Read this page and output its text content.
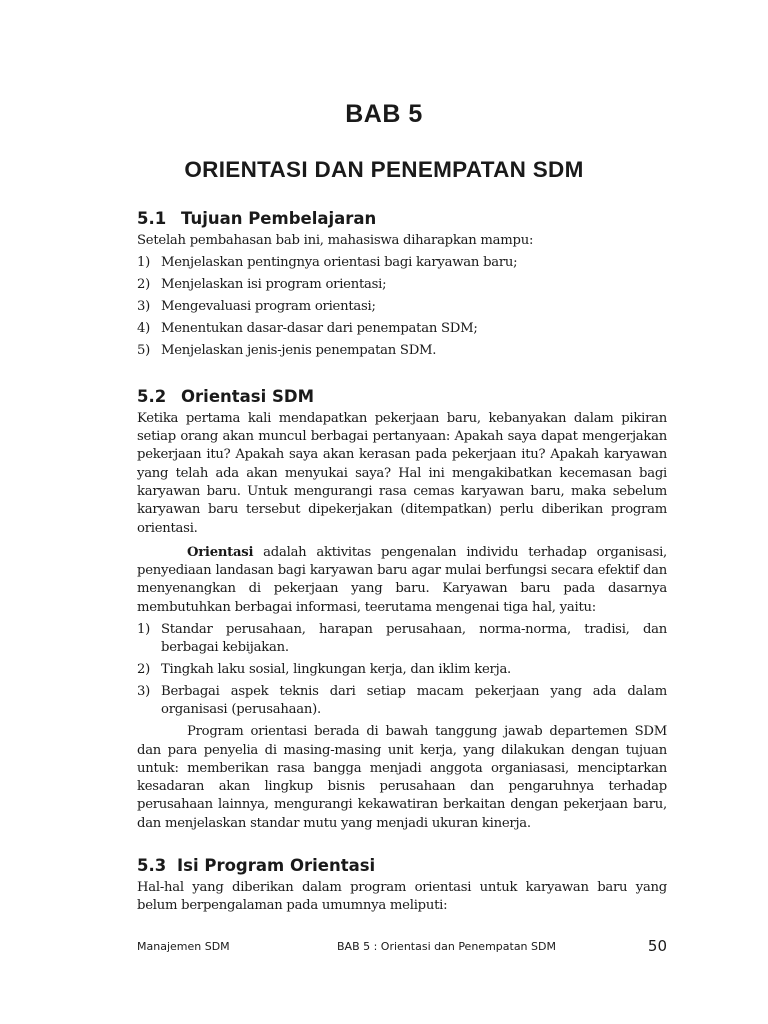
BAB 5
ORIENTASI DAN PENEMPATAN SDM
5.1 Tujuan Pembelajaran

Setelah pembahasan bab ini, mahasiswa diharapkan mampu:

1) Menjelaskan pentingnya orientasi bagi karyawan baru;
2) Menjelaskan isi program orientasi;
3) Mengevaluasi program orientasi;
4) Menentukan dasar-dasar dari penempatan SDM;
5) Menjelaskan jenis-jenis penempatan SDM.
5.2 Orientasi SDM

Ketika pertama kali mendapatkan pekerjaan baru, kebanyakan dalam pikiran setiap orang akan muncul berbagai pertanyaan: Apakah saya dapat mengerjakan pekerjaan itu? Apakah saya akan kerasan pada pekerjaan itu? Apakah karyawan yang telah ada akan menyukai saya? Hal ini mengakibatkan kecemasan bagi karyawan baru. Untuk mengurangi rasa cemas karyawan baru, maka sebelum karyawan baru tersebut dipekerjakan (ditempatkan) perlu diberikan program orientasi.

Orientasi adalah aktivitas pengenalan individu terhadap organisasi, penyediaan landasan bagi karyawan baru agar mulai berfungsi secara efektif dan menyenangkan di pekerjaan yang baru. Karyawan baru pada dasarnya membutuhkan berbagai informasi, teerutama mengenai tiga hal, yaitu:

1) Standar perusahaan, harapan perusahaan, norma-norma, tradisi, dan berbagai kebijakan.
2) Tingkah laku sosial, lingkungan kerja, dan iklim kerja.
3) Berbagai aspek teknis dari setiap macam pekerjaan yang ada dalam organisasi (perusahaan).

Program orientasi berada di bawah tanggung jawab departemen SDM dan para penyelia di masing-masing unit kerja, yang dilakukan dengan tujuan untuk: memberikan rasa bangga menjadi anggota organiasasi, menciptarkan kesadaran akan lingkup bisnis perusahaan dan pengaruhnya terhadap perusahaan lainnya, mengurangi kekawatiran berkaitan dengan pekerjaan baru, dan menjelaskan standar mutu yang menjadi ukuran kinerja.

5.3 Isi Program Orientasi

Hal-hal yang diberikan dalam program orientasi untuk karyawan baru yang belum berpengalaman pada umumnya meliputi:

Manajemen SDM	BAB 5 : Orientasi dan Penempatan SDM	50
